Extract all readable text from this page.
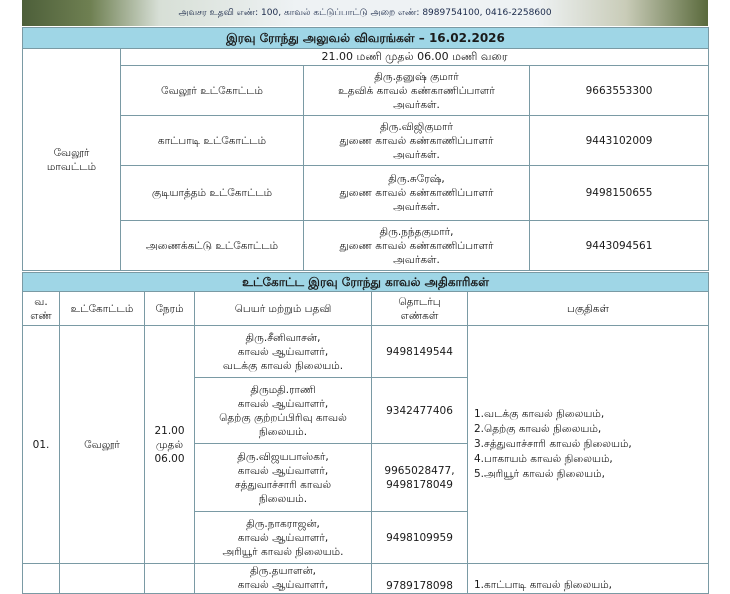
அவசர உதவி எண்: 100, காவல் கட்டுப்பாட்டு அறை எண்: 8989754100, 0416-2258600
இரவு ரோந்து அலுவல் விவரங்கள் – 16.02.2026			
வேலூர்
மாவட்டம்	21.00 மணி முதல் 06.00 மணி வரை		
	வேலூர் உட்கோட்டம்	திரு.தனுஷ் குமார்
உதவிக் காவல் கண்காணிப்பாளர்
அவர்கள்.	9663553300
	காட்பாடி உட்கோட்டம்	திரு.விஜிகுமார்
துணை காவல் கண்காணிப்பாளர்
அவர்கள்.	9443102009
	குடியாத்தம் உட்கோட்டம்	திரு.சுரேஷ்,
துணை காவல் கண்காணிப்பாளர்
அவர்கள்.	9498150655
	அணைக்கட்டு உட்கோட்டம்	திரு.நந்தகுமார்,
துணை காவல் கண்காணிப்பாளர்
அவர்கள்.	9443094561
உட்கோட்ட இரவு ரோந்து காவல் அதிகாரிகள்					
வ.
எண்	உட்கோட்டம்	நேரம்	பெயர் மற்றும் பதவி	தொடர்பு
எண்கள்	பகுதிகள்
01.	வேலூர்	21.00
முதல்
06.00	திரு.சீனிவாசன்,
காவல் ஆய்வாளர்,
வடக்கு காவல் நிலையம்.	9498149544	1.வடக்கு காவல் நிலையம்,
2.தெற்கு காவல் நிலையம்,
3.சத்துவாச்சாரி காவல் நிலையம்,
4.பாகாயம் காவல் நிலையம்,
5.அரியூர் காவல் நிலையம்,
			திருமதி.ராணி
காவல் ஆய்வாளர்,
தெற்கு குற்றப்பிரிவு காவல்
நிலையம்.	9342477406	
			திரு.விஜயபாஸ்கர்,
காவல் ஆய்வாளர்,
சத்துவாச்சாரி காவல்
நிலையம்.	9965028477,
9498178049	
			திரு.நாகராஜன்,
காவல் ஆய்வாளர்,
அரியூர் காவல் நிலையம்.	9498109959	
			திரு.தயாளன்,
காவல் ஆய்வாளர்,	9789178098	1.காட்பாடி காவல் நிலையம்,
